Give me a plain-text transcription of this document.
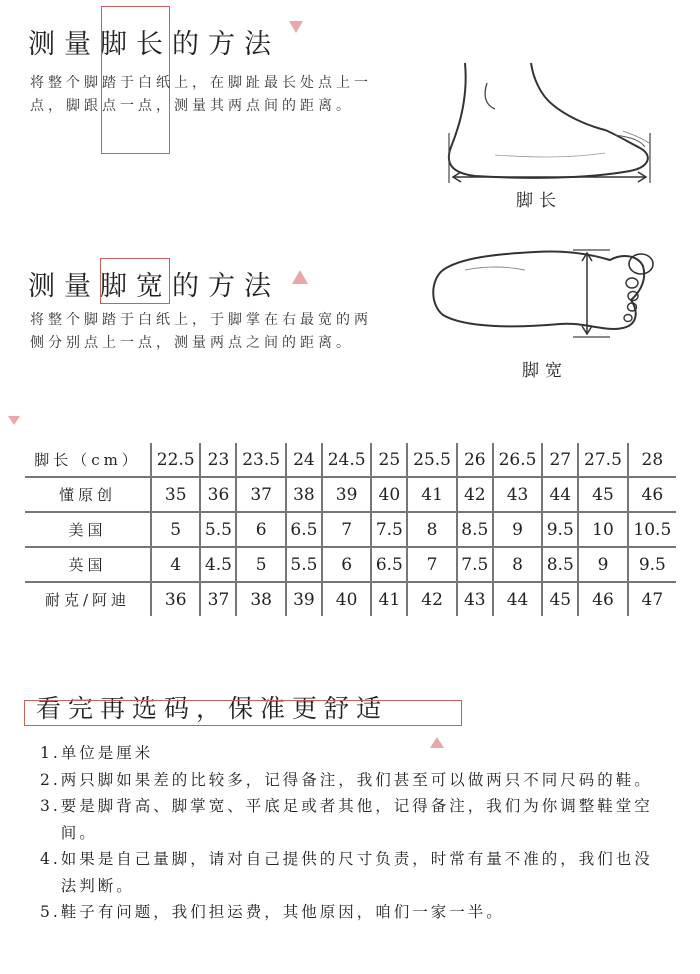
测量脚长的方法
将整个脚踏于白纸上，在脚趾最长处点上一点，脚跟点一点，测量其两点间的距离。
脚长
测量脚宽的方法
将整个脚踏于白纸上，于脚掌在右最宽的两侧分别点上一点，测量两点之间的距离。
脚宽
脚长（cm）	22.5	23	23.5	24	24.5	25	25.5	26	26.5	27	27.5	28
懂原创	35	36	37	38	39	40	41	42	43	44	45	46
美国	5	5.5	6	6.5	7	7.5	8	8.5	9	9.5	10	10.5
英国	4	4.5	5	5.5	6	6.5	7	7.5	8	8.5	9	9.5
耐克/阿迪	36	37	38	39	40	41	42	43	44	45	46	47
看完再选码，保准更舒适
1. 单位是厘米
2. 两只脚如果差的比较多，记得备注，我们甚至可以做两只不同尺码的鞋。
3. 要是脚背高、脚掌宽、平底足或者其他，记得备注，我们为你调整鞋堂空间。
4. 如果是自己量脚，请对自己提供的尺寸负责，时常有量不准的，我们也没法判断。
5. 鞋子有问题，我们担运费，其他原因，咱们一家一半。
